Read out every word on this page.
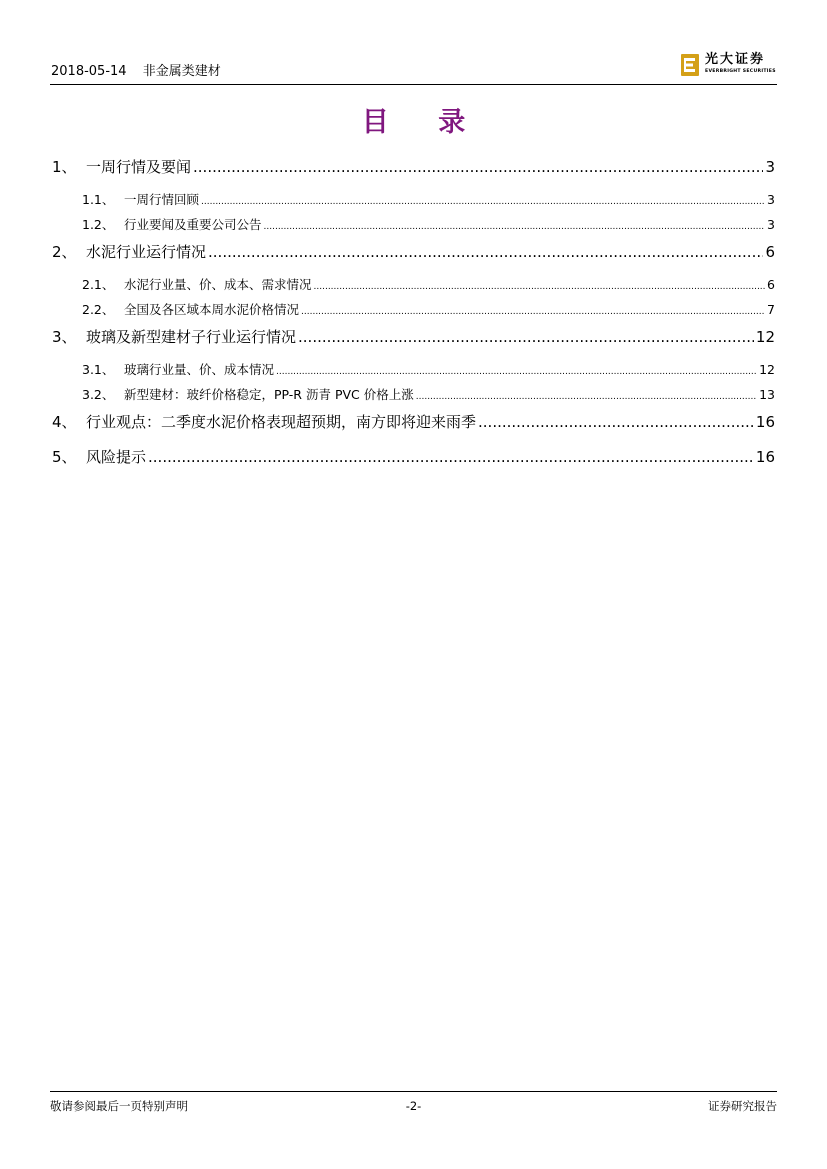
2018-05-14 非金属类建材
光大证券
EVERBRIGHT SECURITIES
目 录
1、 一周行情及要闻 .....	3
1.1、 一周行情回顾 .....	3
1.2、 行业要闻及重要公司公告 .....	3
2、 水泥行业运行情况 .....	6
2.1、 水泥行业量、价、成本、需求情况 .....	6
2.2、 全国及各区域本周水泥价格情况 .....	7
3、 玻璃及新型建材子行业运行情况 .....	12
3.1、 玻璃行业量、价、成本情况 .....	12
3.2、 新型建材：玻纤价格稳定，PP-R 沥青 PVC 价格上涨 .....	13
4、 行业观点：二季度水泥价格表现超预期，南方即将迎来雨季 .....	16
5、 风险提示 .....	16
敬请参阅最后一页特别声明	-2-	证券研究报告
